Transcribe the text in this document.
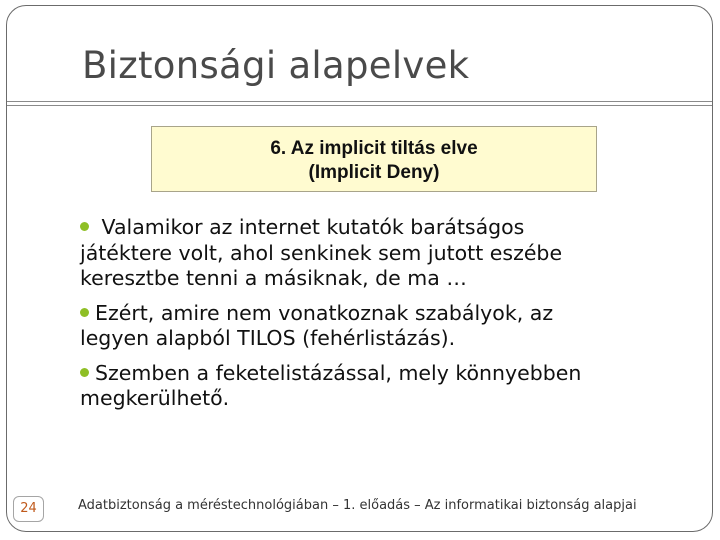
Biztonsági alapelvek
6. Az implicit tiltás elve
(Implicit Deny)
Valamikor az internet kutatók barátságos
játéktere volt, ahol senkinek sem jutott eszébe
keresztbe tenni a másiknak, de ma …
Ezért, amire nem vonatkoznak szabályok, az
legyen alapból TILOS (fehérlistázás).
Szemben a feketelistázással, mely könnyebben
megkerülhető.
24	Adatbiztonság a méréstechnológiában – 1. előadás – Az informatikai biztonság alapjai
